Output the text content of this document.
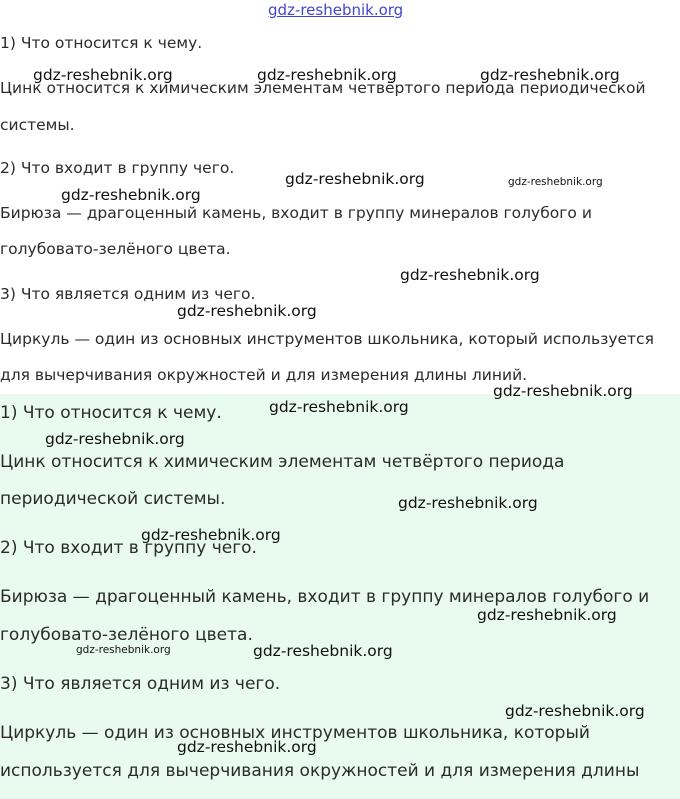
gdz-reshebnik.org
1) Что относится к чему.
Цинк относится к химическим элементам четвёртого периода периодической
системы.
2) Что входит в группу чего.
Бирюза — драгоценный камень, входит в группу минералов голубого и
голубовато-зелёного цвета.
3) Что является одним из чего.
Циркуль — один из основных инструментов школьника, который используется
для вычерчивания окружностей и для измерения длины линий.
1) Что относится к чему.
Цинк относится к химическим элементам четвёртого периода
периодической системы.
2) Что входит в группу чего.
Бирюза — драгоценный камень, входит в группу минералов голубого и
голубовато-зелёного цвета.
3) Что является одним из чего.
Циркуль — один из основных инструментов школьника, который
используется для вычерчивания окружностей и для измерения длины
gdz-reshebnik.org	gdz-reshebnik.org	gdz-reshebnik.org
gdz-reshebnik.org	gdz-reshebnik.org
gdz-reshebnik.org
gdz-reshebnik.org
gdz-reshebnik.org
gdz-reshebnik.org
gdz-reshebnik.org
gdz-reshebnik.org
gdz-reshebnik.org
gdz-reshebnik.org
gdz-reshebnik.org
gdz-reshebnik.org	gdz-reshebnik.org
gdz-reshebnik.org
gdz-reshebnik.org
